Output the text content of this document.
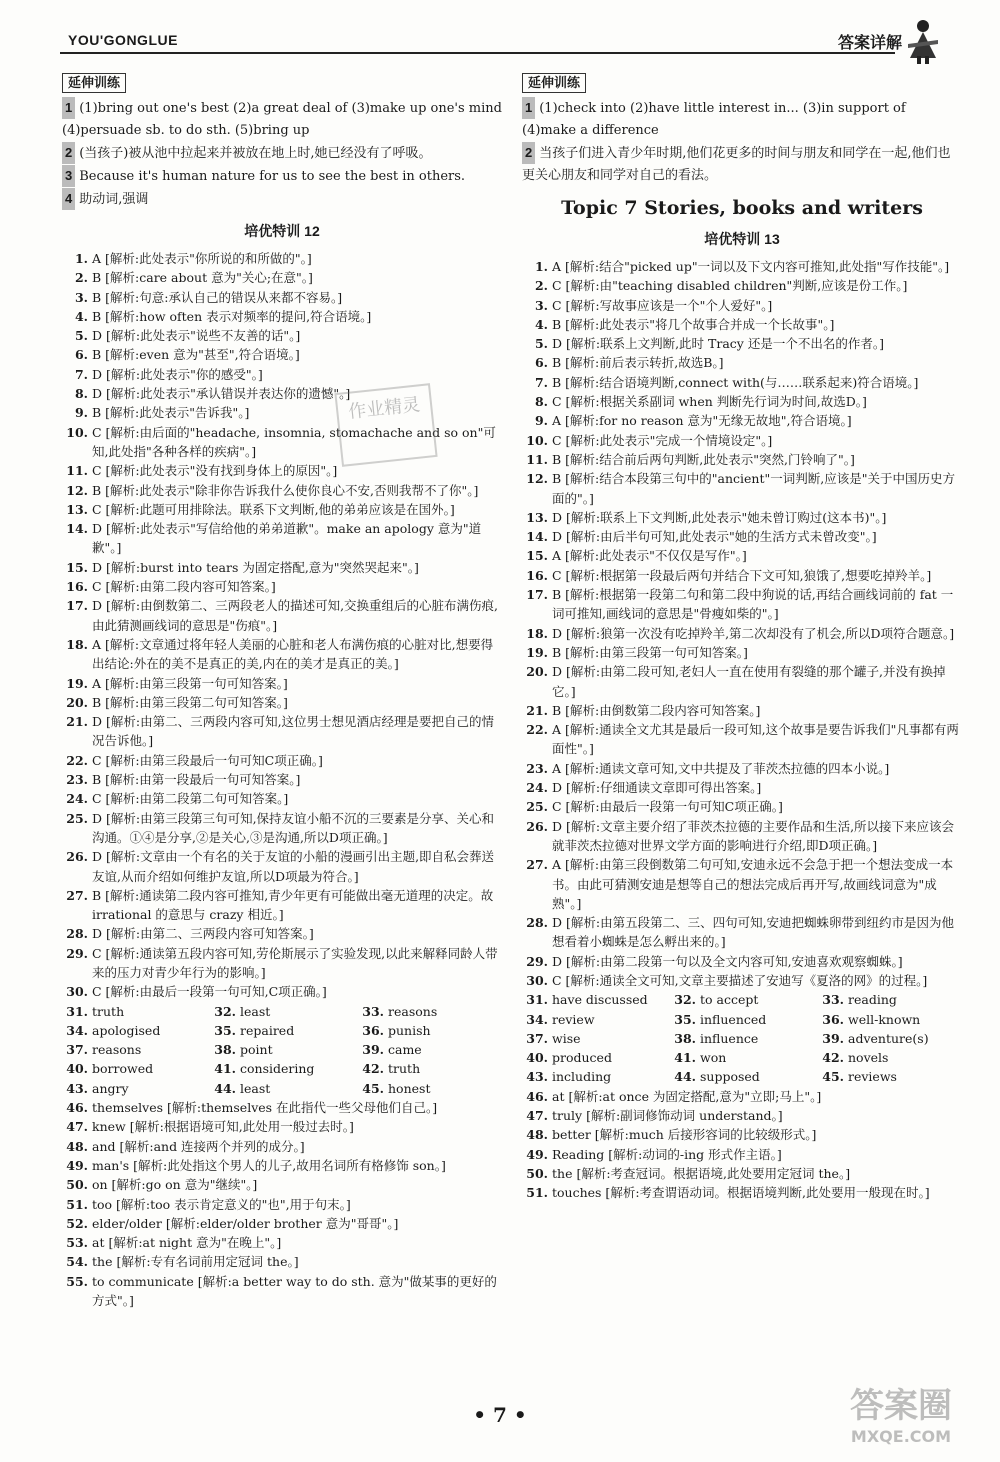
YOU'GONGLUE	答案详解
延伸训练
1 (1)bring out one's best (2)a great deal of (3)make up one's mind (4)persuade sb. to do sth. (5)bring up
2 (当孩子)被从池中拉起来并被放在地上时,她已经没有了呼吸。
3 Because it's human nature for us to see the best in others.
4 助动词,强调
培优特训 12
1. A [解析:此处表示"你所说的和所做的"。]
2. B [解析:care about 意为"关心;在意"。]
3. B [解析:句意:承认自己的错误从来都不容易。]
4. B [解析:how often 表示对频率的提问,符合语境。]
5. D [解析:此处表示"说些不友善的话"。]
6. B [解析:even 意为"甚至",符合语境。]
7. D [解析:此处表示"你的感受"。]
8. D [解析:此处表示"承认错误并表达你的遗憾"。]
9. B [解析:此处表示"告诉我"。]
10. C [解析:由后面的"headache, insomnia, stomachache and so on"可知,此处指"各种各样的疾病"。]
11. C [解析:此处表示"没有找到身体上的原因"。]
12. B [解析:此处表示"除非你告诉我什么使你良心不安,否则我帮不了你"。]
13. C [解析:此题可用排除法。联系下文判断,他的弟弟应该是在国外。]
14. D [解析:此处表示"写信给他的弟弟道歉"。make an apology 意为"道歉"。]
15. D [解析:burst into tears 为固定搭配,意为"突然哭起来"。]
16. C [解析:由第二段内容可知答案。]
17. D [解析:由倒数第二、三两段老人的描述可知,交换重组后的心脏布满伤痕,由此猜测画线词的意思是"伤痕"。]
18. A [解析:文章通过将年轻人美丽的心脏和老人布满伤痕的心脏对比,想要得出结论:外在的美不是真正的美,内在的美才是真正的美。]
19. A [解析:由第三段第一句可知答案。]
20. B [解析:由第三段第二句可知答案。]
21. D [解析:由第二、三两段内容可知,这位男士想见酒店经理是要把自己的情况告诉他。]
22. C [解析:由第三段最后一句可知C项正确。]
23. B [解析:由第一段最后一句可知答案。]
24. C [解析:由第二段第二句可知答案。]
25. D [解析:由第三段第三句可知,保持友谊小船不沉的三要素是分享、关心和沟通。①④是分享,②是关心,③是沟通,所以D项正确。]
26. D [解析:文章由一个有名的关于友谊的小船的漫画引出主题,即自私会葬送友谊,从而介绍如何维护友谊,所以D项最为符合。]
27. B [解析:通读第二段内容可推知,青少年更有可能做出毫无道理的决定。故 irrational 的意思与 crazy 相近。]
28. D [解析:由第二、三两段内容可知答案。]
29. C [解析:通读第五段内容可知,劳伦斯展示了实验发现,以此来解释同龄人带来的压力对青少年行为的影响。]
30. C [解析:由最后一段第一句可知,C项正确。]
31. truth	32. least	33. reasons
34. apologised	35. repaired	36. punish
37. reasons	38. point	39. came
40. borrowed	41. considering	42. truth
43. angry	44. least	45. honest
46. themselves [解析:themselves 在此指代一些父母他们自己。]
47. knew [解析:根据语境可知,此处用一般过去时。]
48. and [解析:and 连接两个并列的成分。]
49. man's [解析:此处指这个男人的儿子,故用名词所有格修饰 son。]
50. on [解析:go on 意为"继续"。]
51. too [解析:too 表示肯定意义的"也",用于句末。]
52. elder/older [解析:elder/older brother 意为"哥哥"。]
53. at [解析:at night 意为"在晚上"。]
54. the [解析:专有名词前用定冠词 the。]
55. to communicate [解析:a better way to do sth. 意为"做某事的更好的方式"。]
延伸训练
1 (1)check into (2)have little interest in... (3)in support of (4)make a difference
2 当孩子们进入青少年时期,他们花更多的时间与朋友和同学在一起,他们也更关心朋友和同学对自己的看法。
Topic 7 Stories, books and writers
培优特训 13
1. A [解析:结合"picked up"一词以及下文内容可推知,此处指"写作技能"。]
2. C [解析:由"teaching disabled children"判断,应该是份工作。]
3. C [解析:写故事应该是一个"个人爱好"。]
4. B [解析:此处表示"将几个故事合并成一个长故事"。]
5. D [解析:联系上文判断,此时 Tracy 还是一个不出名的作者。]
6. B [解析:前后表示转折,故选B。]
7. B [解析:结合语境判断,connect with(与……联系起来)符合语境。]
8. C [解析:根据关系副词 when 判断先行词为时间,故选D。]
9. A [解析:for no reason 意为"无缘无故地",符合语境。]
10. C [解析:此处表示"完成一个情境设定"。]
11. B [解析:结合前后两句判断,此处表示"突然,门铃响了"。]
12. B [解析:结合本段第三句中的"ancient"一词判断,应该是"关于中国历史方面的"。]
13. D [解析:联系上下文判断,此处表示"她未曾订购过(这本书)"。]
14. D [解析:由后半句可知,此处表示"她的生活方式未曾改变"。]
15. A [解析:此处表示"不仅仅是写作"。]
16. C [解析:根据第一段最后两句并结合下文可知,狼饿了,想要吃掉羚羊。]
17. B [解析:根据第一段第二句和第二段中狗说的话,再结合画线词前的 fat 一词可推知,画线词的意思是"骨瘦如柴的"。]
18. D [解析:狼第一次没有吃掉羚羊,第二次却没有了机会,所以D项符合题意。]
19. B [解析:由第三段第一句可知答案。]
20. D [解析:由第二段可知,老妇人一直在使用有裂缝的那个罐子,并没有换掉它。]
21. B [解析:由倒数第二段内容可知答案。]
22. A [解析:通读全文尤其是最后一段可知,这个故事是要告诉我们"凡事都有两面性"。]
23. A [解析:通读文章可知,文中共提及了菲茨杰拉德的四本小说。]
24. D [解析:仔细通读文章即可得出答案。]
25. C [解析:由最后一段第一句可知C项正确。]
26. D [解析:文章主要介绍了菲茨杰拉德的主要作品和生活,所以接下来应该会就菲茨杰拉德对世界文学方面的影响进行介绍,即D项正确。]
27. A [解析:由第三段倒数第二句可知,安迪永远不会急于把一个想法变成一本书。由此可猜测安迪是想等自己的想法完成后再开写,故画线词意为"成熟"。]
28. D [解析:由第五段第二、三、四句可知,安迪把蜘蛛卵带到纽约市是因为他想看着小蜘蛛是怎么孵出来的。]
29. D [解析:由第二段第一句以及全文内容可知,安迪喜欢观察蜘蛛。]
30. C [解析:通读全文可知,文章主要描述了安迪写《夏洛的网》的过程。]
31. have discussed	32. to accept	33. reading
34. review	35. influenced	36. well-known
37. wise	38. influence	39. adventure(s)
40. produced	41. won	42. novels
43. including	44. supposed	45. reviews
46. at [解析:at once 为固定搭配,意为"立即;马上"。]
47. truly [解析:副词修饰动词 understand。]
48. better [解析:much 后接形容词的比较级形式。]
49. Reading [解析:动词的-ing 形式作主语。]
50. the [解析:考查冠词。根据语境,此处要用定冠词 the。]
51. touches [解析:考查谓语动词。根据语境判断,此处要用一般现在时。]
作业精灵
答案圈
MXQE.COM
• 7 •
